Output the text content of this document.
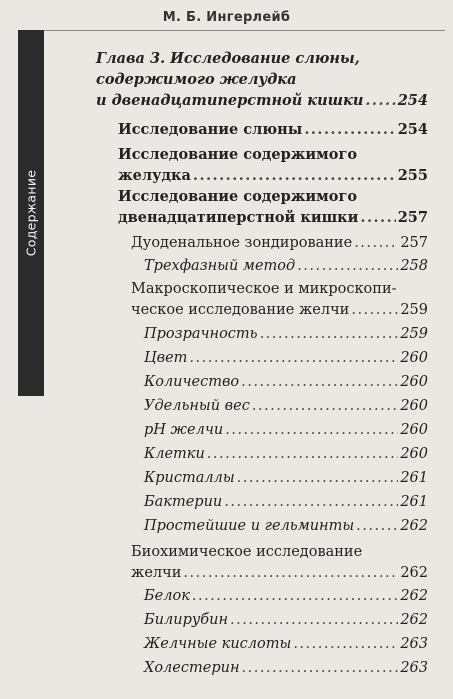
М. Б. Ингерлейб
Содержание
Глава 3. Исследование слюны,
содержимого желудка
и двенадцатиперстной кишки ..... 254
Исследование слюны .....	254
Исследование содержимого
желудка .....	255
Исследование содержимого
двенадцатиперстной кишки .....	257
Дуоденальное зондирование .....	257
Трехфазный метод .....	258
Макроскопическое и микроскопи-
ческое исследование желчи .....	259
Прозрачность .....	259
Цвет .....	260
Количество .....	260
Удельный вес .....	260
pH желчи .....	260
Клетки .....	260
Кристаллы .....	261
Бактерии .....	261
Простейшие и гельминты .....	262
Биохимическое исследование
желчи .....	262
Белок .....	262
Билирубин .....	262
Желчные кислоты .....	263
Холестерин .....	263
